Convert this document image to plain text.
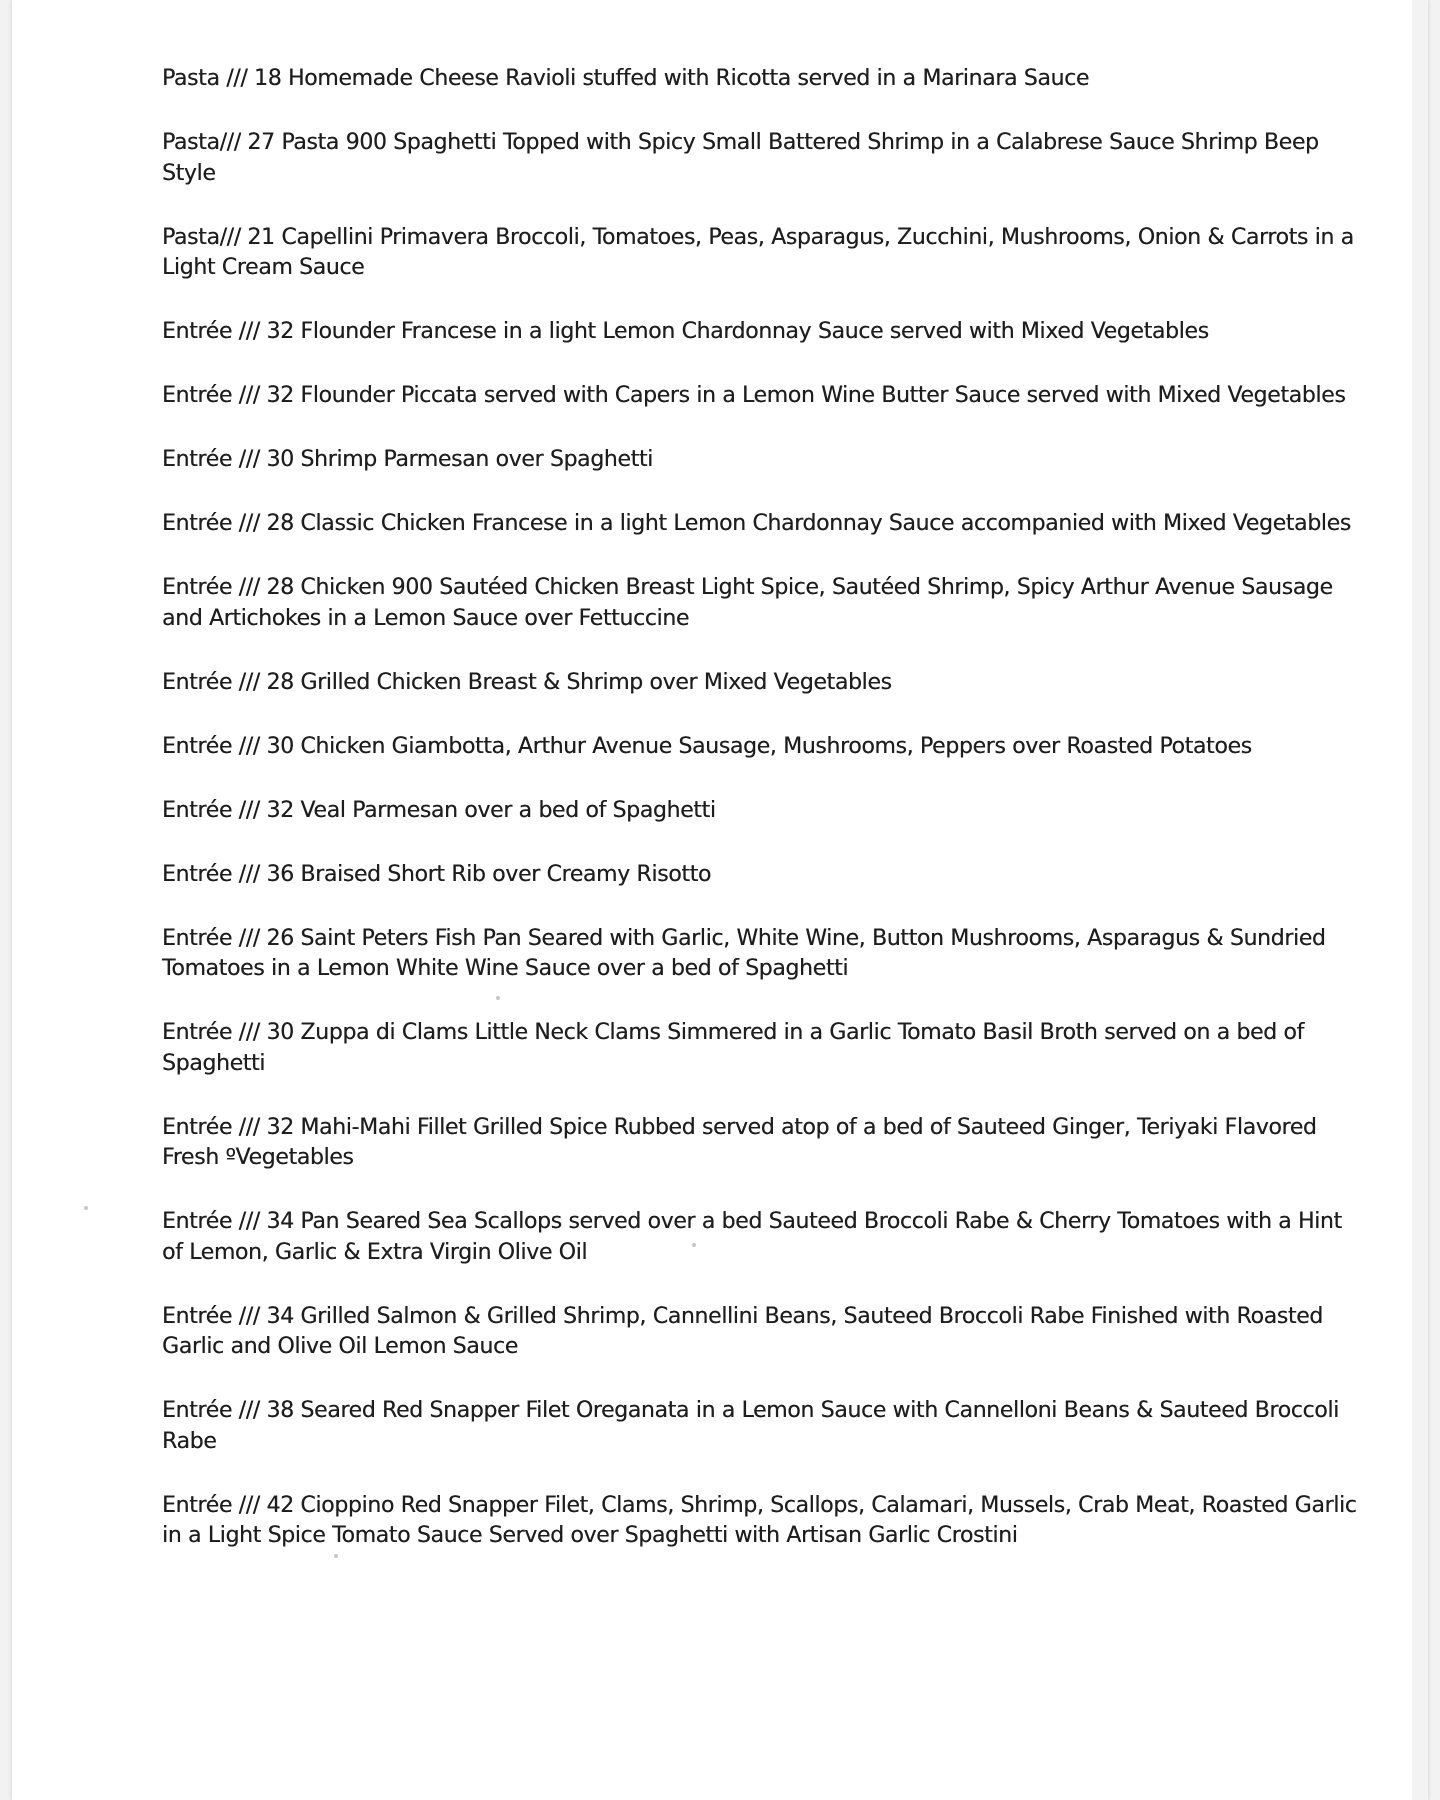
Pasta /// 18 Homemade Cheese Ravioli stuffed with Ricotta served in a Marinara Sauce

Pasta/// 27 Pasta 900 Spaghetti Topped with Spicy Small Battered Shrimp in a Calabrese Sauce Shrimp Beep Style

Pasta/// 21 Capellini Primavera Broccoli, Tomatoes, Peas, Asparagus, Zucchini, Mushrooms, Onion & Carrots in a Light Cream Sauce

Entrée /// 32 Flounder Francese in a light Lemon Chardonnay Sauce served with Mixed Vegetables

Entrée /// 32 Flounder Piccata served with Capers in a Lemon Wine Butter Sauce served with Mixed Vegetables

Entrée /// 30 Shrimp Parmesan over Spaghetti

Entrée /// 28 Classic Chicken Francese in a light Lemon Chardonnay Sauce accompanied with Mixed Vegetables

Entrée /// 28 Chicken 900 Sautéed Chicken Breast Light Spice, Sautéed Shrimp, Spicy Arthur Avenue Sausage and Artichokes in a Lemon Sauce over Fettuccine

Entrée /// 28 Grilled Chicken Breast & Shrimp over Mixed Vegetables

Entrée /// 30 Chicken Giambotta, Arthur Avenue Sausage, Mushrooms, Peppers over Roasted Potatoes

Entrée /// 32 Veal Parmesan over a bed of Spaghetti

Entrée /// 36 Braised Short Rib over Creamy Risotto

Entrée /// 26 Saint Peters Fish Pan Seared with Garlic, White Wine, Button Mushrooms, Asparagus & Sundried Tomatoes in a Lemon White Wine Sauce over a bed of Spaghetti

Entrée /// 30 Zuppa di Clams Little Neck Clams Simmered in a Garlic Tomato Basil Broth served on a bed of Spaghetti

Entrée /// 32 Mahi-Mahi Fillet Grilled Spice Rubbed served atop of a bed of Sauteed Ginger, Teriyaki Flavored Fresh ºVegetables

Entrée /// 34 Pan Seared Sea Scallops served over a bed Sauteed Broccoli Rabe & Cherry Tomatoes with a Hint of Lemon, Garlic & Extra Virgin Olive Oil

Entrée /// 34 Grilled Salmon & Grilled Shrimp, Cannellini Beans, Sauteed Broccoli Rabe Finished with Roasted Garlic and Olive Oil Lemon Sauce

Entrée /// 38 Seared Red Snapper Filet Oreganata in a Lemon Sauce with Cannelloni Beans & Sauteed Broccoli Rabe

Entrée /// 42 Cioppino Red Snapper Filet, Clams, Shrimp, Scallops, Calamari, Mussels, Crab Meat, Roasted Garlic in a Light Spice Tomato Sauce Served over Spaghetti with Artisan Garlic Crostini
